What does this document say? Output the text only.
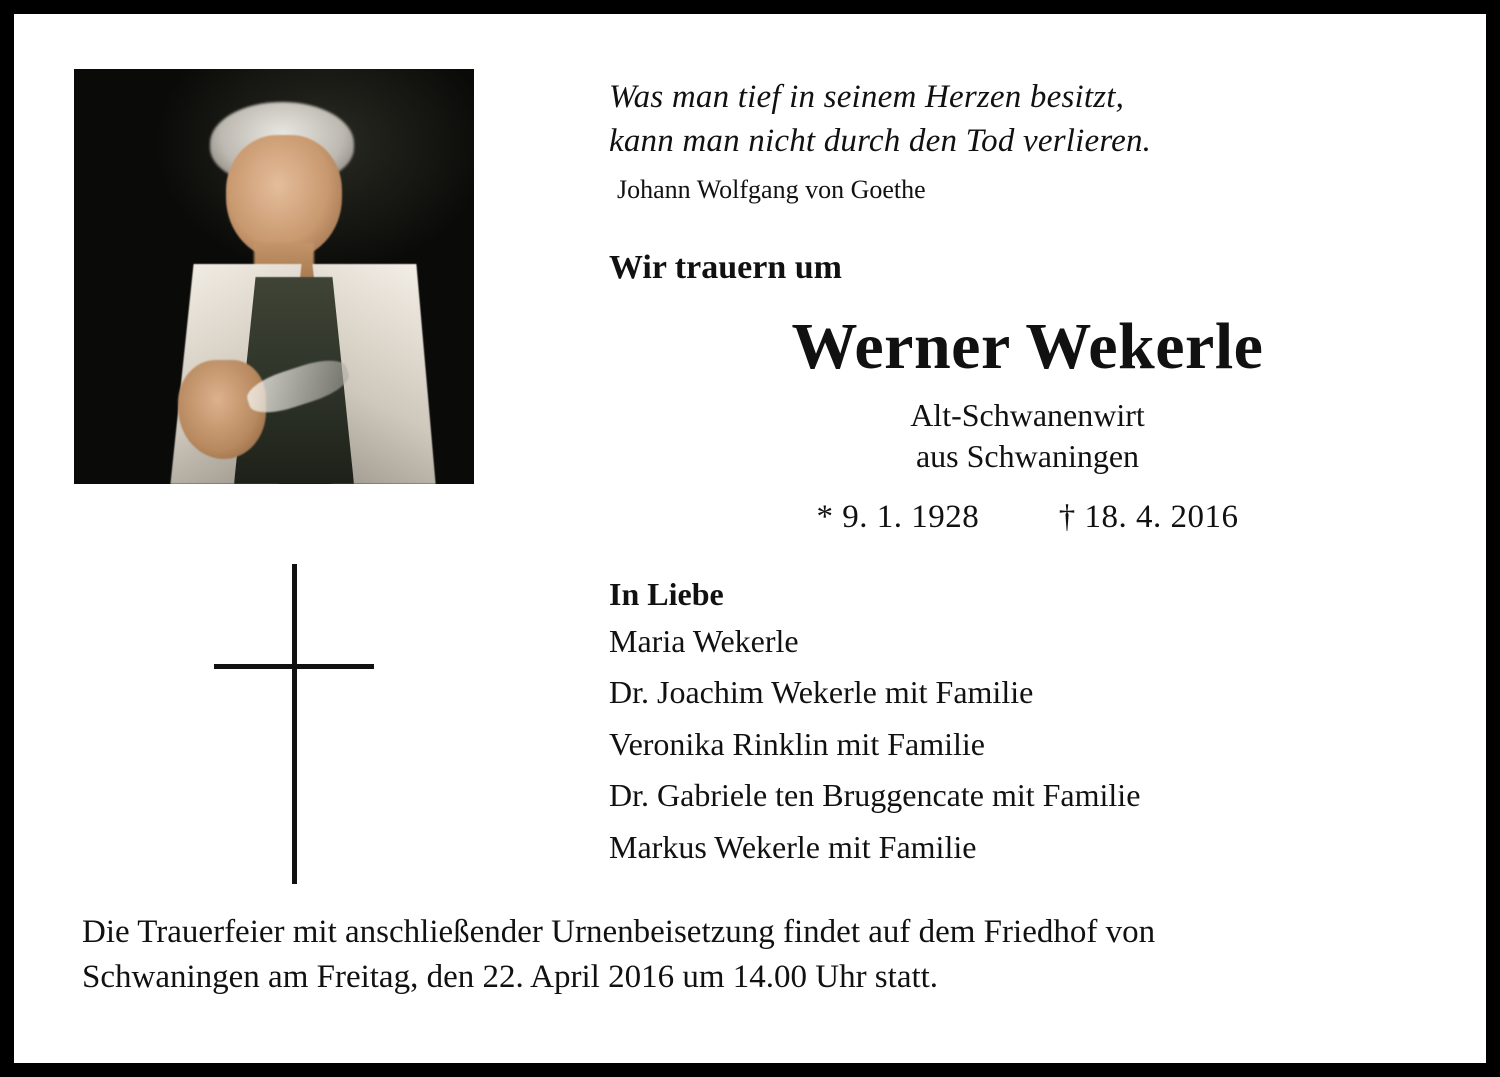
Was man tief in seinem Herzen besitzt,
kann man nicht durch den Tod verlieren.
Johann Wolfgang von Goethe
Wir trauern um
Werner Wekerle
Alt-Schwanenwirt
aus Schwaningen
* 9. 1. 1928 † 18. 4. 2016
In Liebe
Maria Wekerle
Dr. Joachim Wekerle mit Familie
Veronika Rinklin mit Familie
Dr. Gabriele ten Bruggencate mit Familie
Markus Wekerle mit Familie
Die Trauerfeier mit anschließender Urnenbeisetzung findet auf dem Friedhof von
Schwaningen am Freitag, den 22. April 2016 um 14.00 Uhr statt.
